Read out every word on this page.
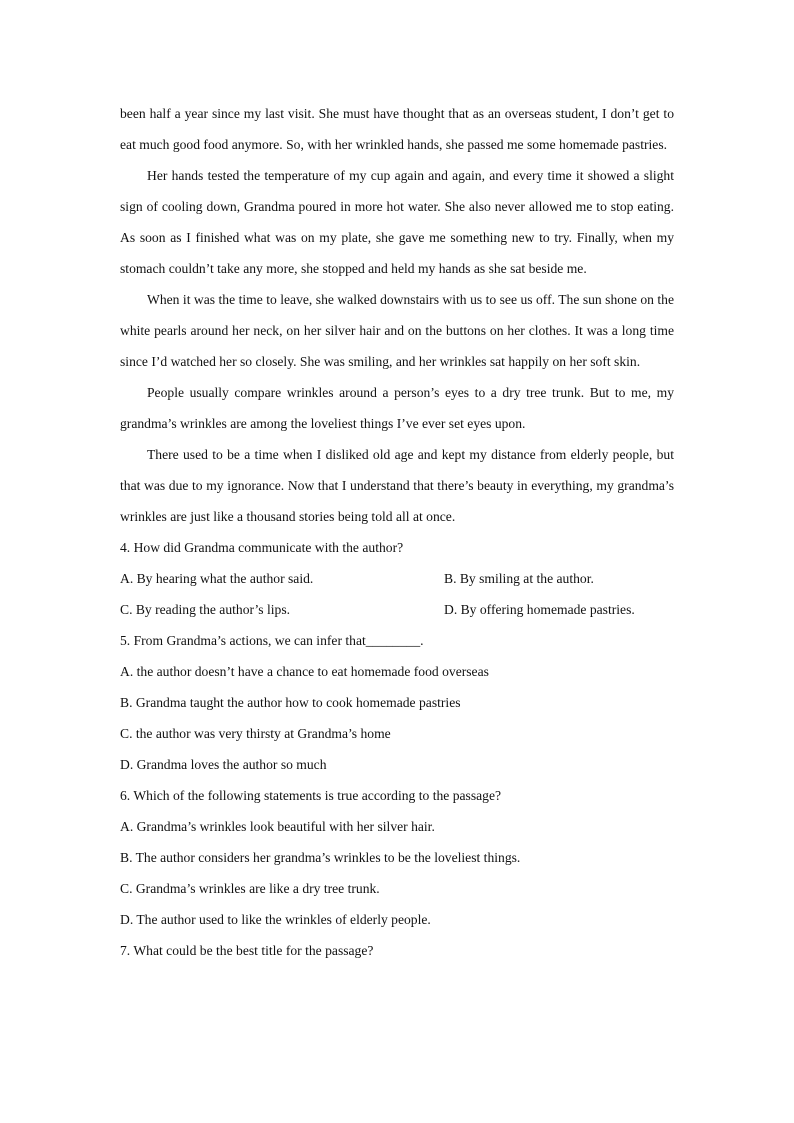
been half a year since my last visit. She must have thought that as an overseas student, I don’t get to eat much good food anymore. So, with her wrinkled hands, she passed me some homemade pastries.

Her hands tested the temperature of my cup again and again, and every time it showed a slight sign of cooling down, Grandma poured in more hot water. She also never allowed me to stop eating. As soon as I finished what was on my plate, she gave me something new to try. Finally, when my stomach couldn’t take any more, she stopped and held my hands as she sat beside me.

When it was the time to leave, she walked downstairs with us to see us off. The sun shone on the white pearls around her neck, on her silver hair and on the buttons on her clothes. It was a long time since I’d watched her so closely. She was smiling, and her wrinkles sat happily on her soft skin.

People usually compare wrinkles around a person’s eyes to a dry tree trunk. But to me, my grandma’s wrinkles are among the loveliest things I’ve ever set eyes upon.

There used to be a time when I disliked old age and kept my distance from elderly people, but that was due to my ignorance. Now that I understand that there’s beauty in everything, my grandma’s wrinkles are just like a thousand stories being told all at once.

4. How did Grandma communicate with the author?

A. By hearing what the author said.	B. By smiling at the author.
C. By reading the author’s lips.	D. By offering homemade pastries.

5. From Grandma’s actions, we can infer that________.

A. the author doesn’t have a chance to eat homemade food overseas

B. Grandma taught the author how to cook homemade pastries

C. the author was very thirsty at Grandma’s home

D. Grandma loves the author so much

6. Which of the following statements is true according to the passage?

A. Grandma’s wrinkles look beautiful with her silver hair.

B. The author considers her grandma’s wrinkles to be the loveliest things.

C. Grandma’s wrinkles are like a dry tree trunk.

D. The author used to like the wrinkles of elderly people.

7. What could be the best title for the passage?
